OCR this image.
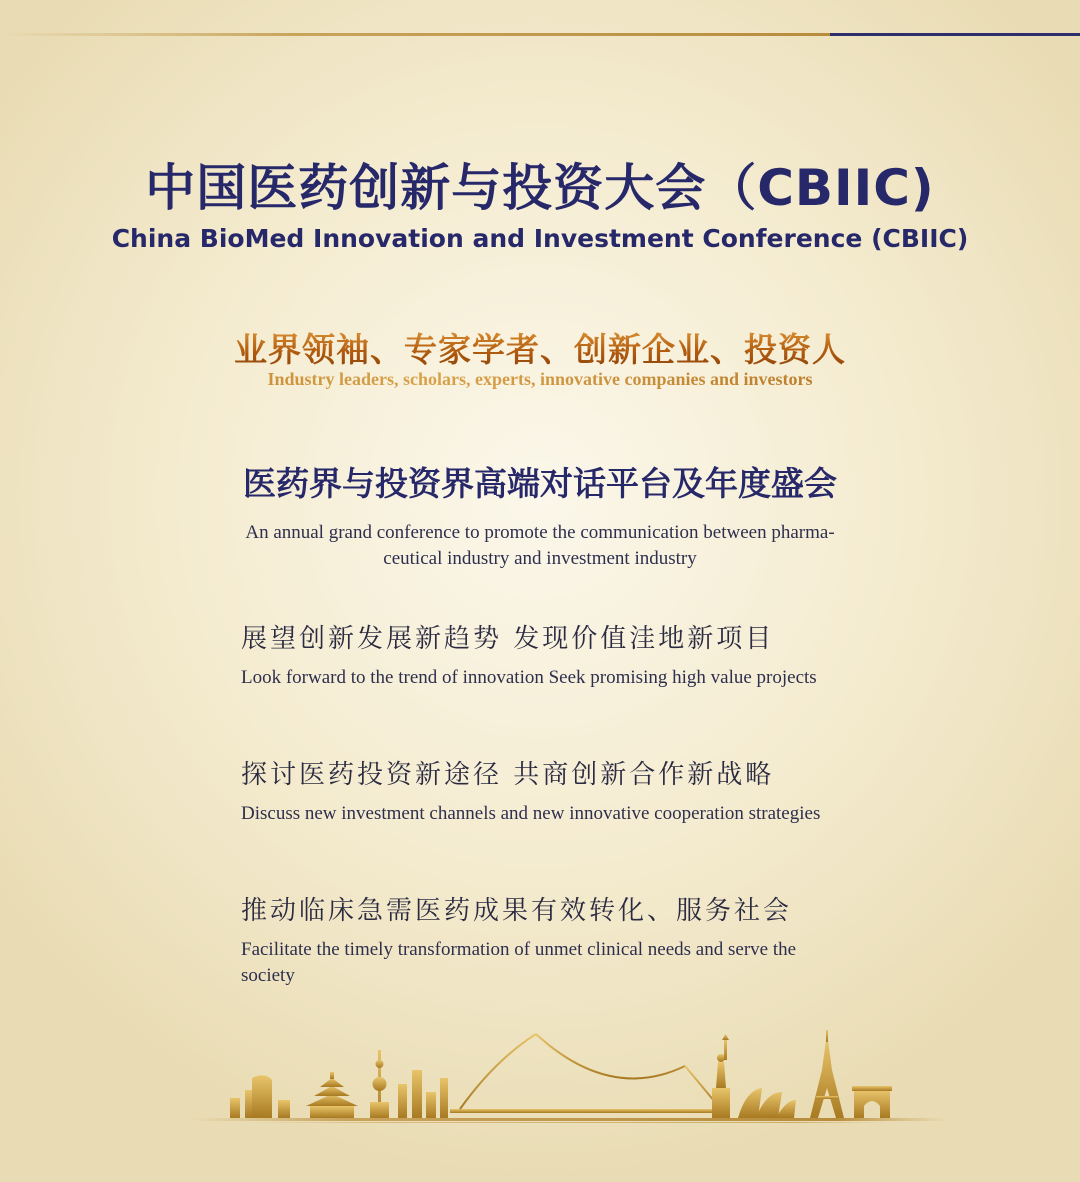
中国医药创新与投资大会（CBIIC)
China BioMed Innovation and Investment Conference (CBIIC)
业界领袖、专家学者、创新企业、投资人
Industry leaders, scholars, experts, innovative companies and investors
医药界与投资界高端对话平台及年度盛会
An annual grand conference to promote the communication between pharma-
ceutical industry and investment industry
展望创新发展新趋势 发现价值洼地新项目
Look forward to the trend of innovation Seek promising high value projects
探讨医药投资新途径 共商创新合作新战略
Discuss new investment channels and new innovative cooperation strategies
推动临床急需医药成果有效转化、服务社会
Facilitate the timely transformation of unmet clinical needs and serve the society
